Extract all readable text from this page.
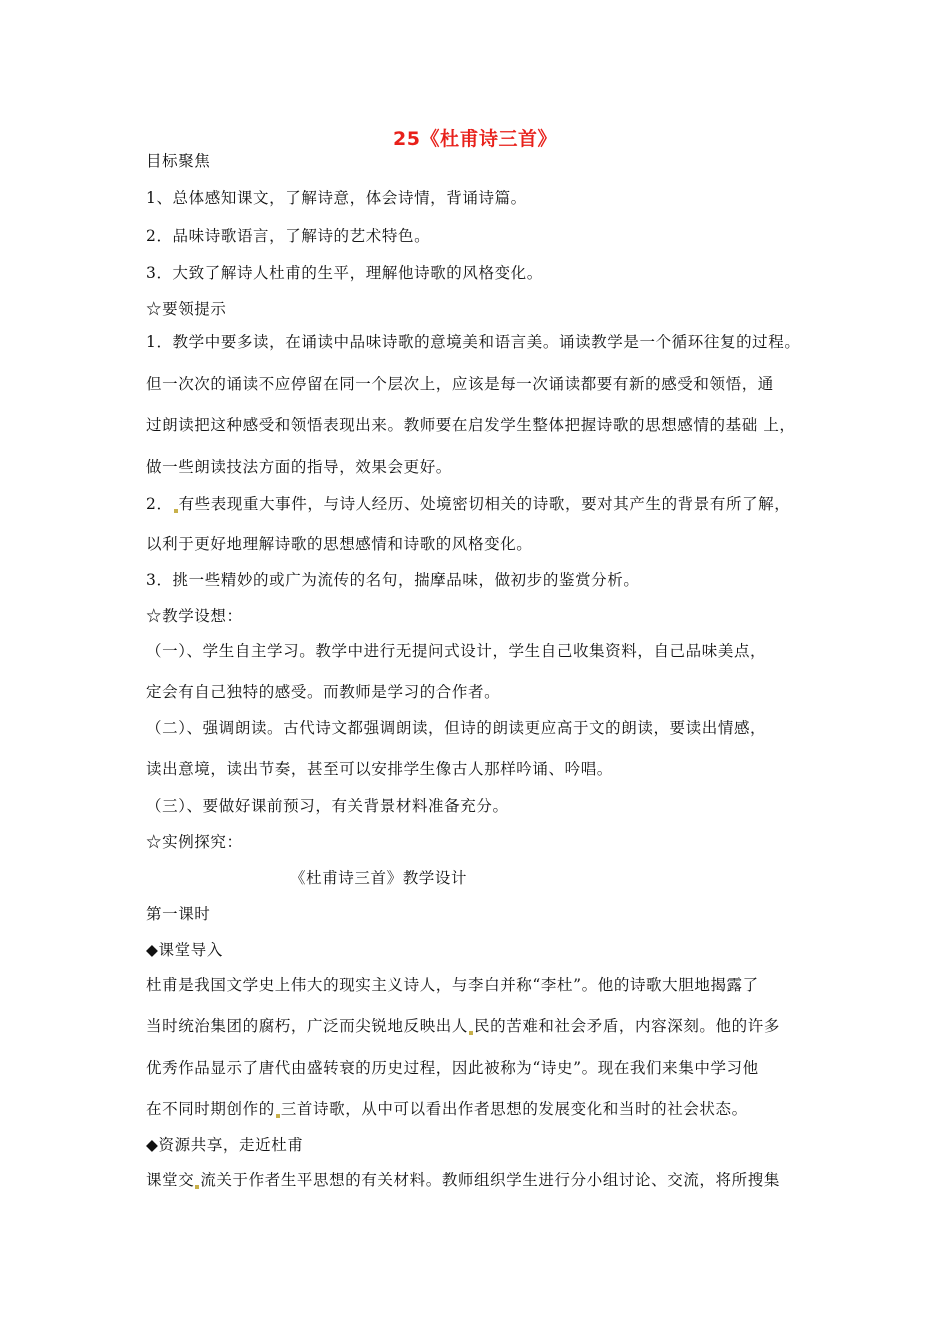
25《杜甫诗三首》
目标聚焦
1、总体感知课文，了解诗意，体会诗情，背诵诗篇。
2．品味诗歌语言，了解诗的艺术特色。
3．大致了解诗人杜甫的生平，理解他诗歌的风格变化。
☆要领提示
1．教学中要多读，在诵读中品味诗歌的意境美和语言美。诵读教学是一个循环往复的过程。
但一次次的诵读不应停留在同一个层次上，应该是每一次诵读都要有新的感受和领悟，通
过朗读把这种感受和领悟表现出来。教师要在启发学生整体把握诗歌的思想感情的基础 上，
做一些朗读技法方面的指导，效果会更好。
2． 有些表现重大事件，与诗人经历、处境密切相关的诗歌，要对其产生的背景有所了解，
以利于更好地理解诗歌的思想感情和诗歌的风格变化。
3．挑一些精妙的或广为流传的名句，揣摩品味，做初步的鉴赏分析。
☆教学设想：
（一）、学生自主学习。教学中进行无提问式设计，学生自己收集资料，自己品味美点，
定会有自己独特的感受。而教师是学习的合作者。
（二）、强调朗读。古代诗文都强调朗读，但诗的朗读更应高于文的朗读，要读出情感，
读出意境，读出节奏，甚至可以安排学生像古人那样吟诵、吟唱。
（三）、要做好课前预习，有关背景材料准备充分。
☆实例探究：
《杜甫诗三首》教学设计
第一课时
◆课堂导入
杜甫是我国文学史上伟大的现实主义诗人，与李白并称“李杜”。他的诗歌大胆地揭露了
当时统治集团的腐朽，广泛而尖锐地反映出人 民的苦难和社会矛盾，内容深刻。他的许多
优秀作品显示了唐代由盛转衰的历史过程，因此被称为“诗史”。现在我们来集中学习他
在不同时期创作的 三首诗歌，从中可以看出作者思想的发展变化和当时的社会状态。
◆资源共享，走近杜甫
课堂交 流关于作者生平思想的有关材料。教师组织学生进行分小组讨论、交流，将所搜集
